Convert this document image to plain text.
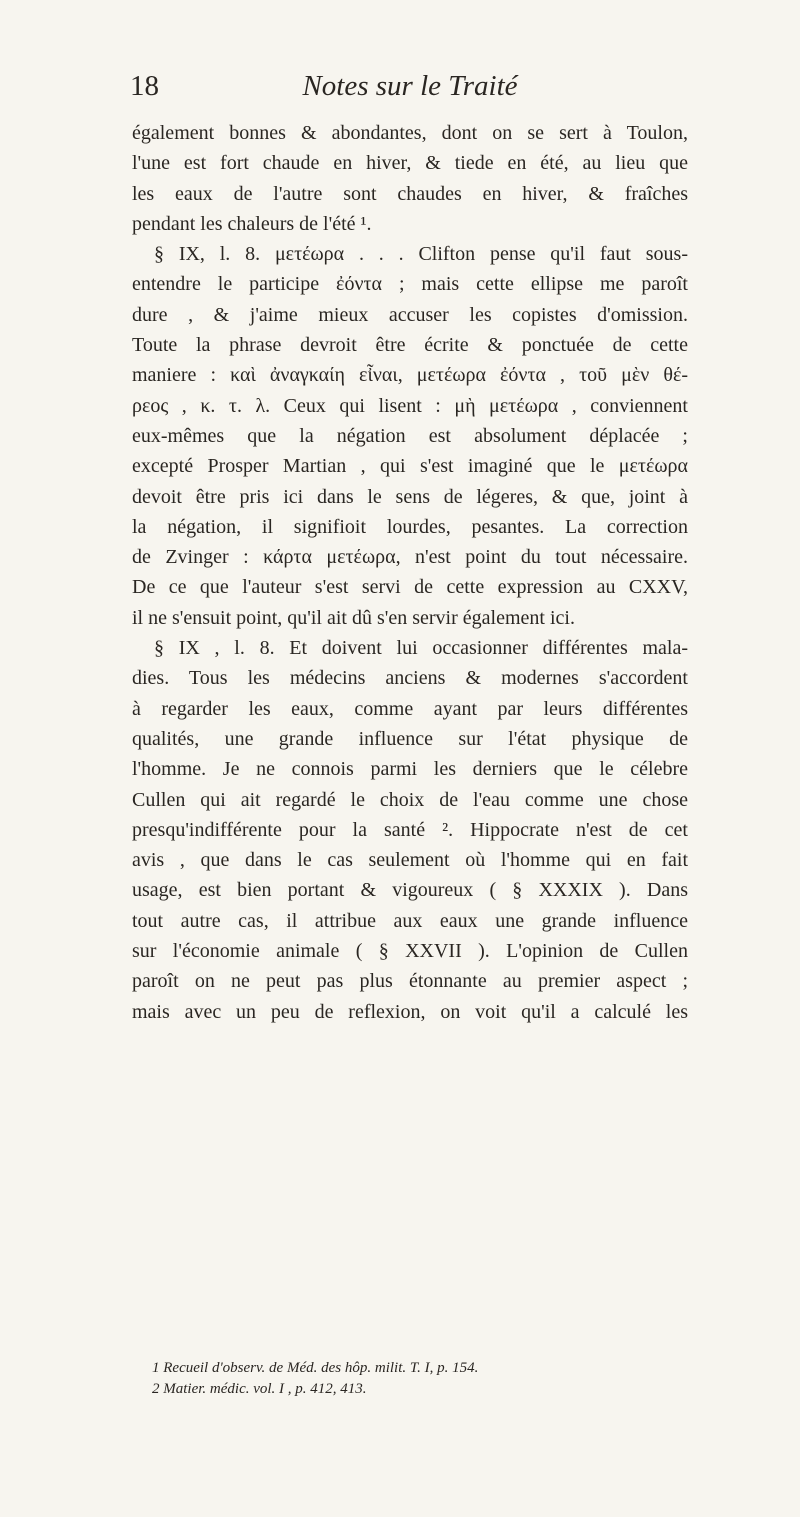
18	Notes sur le Traité
également bonnes & abondantes, dont on se sert à Toulon,
l'une est fort chaude en hiver, & tiede en été, au lieu que
les eaux de l'autre sont chaudes en hiver, & fraîches
pendant les chaleurs de l'été ¹.
§ IX, l. 8. μετέωρα . . . Clifton pense qu'il faut sous-
entendre le participe ἐόντα ; mais cette ellipse me paroît
dure , & j'aime mieux accuser les copistes d'omission.
Toute la phrase devroit être écrite & ponctuée de cette
maniere : καὶ ἀναγκαίη εἶναι, μετέωρα ἐόντα , τοῦ μὲν θέ-
ρεος , κ. τ. λ. Ceux qui lisent : μὴ μετέωρα , conviennent
eux-mêmes que la négation est absolument déplacée ;
excepté Prosper Martian , qui s'est imaginé que le μετέωρα
devoit être pris ici dans le sens de légeres, & que, joint à
la négation, il signifioit lourdes, pesantes. La correction
de Zvinger : κάρτα μετέωρα, n'est point du tout nécessaire.
De ce que l'auteur s'est servi de cette expression au CXXV,
il ne s'ensuit point, qu'il ait dû s'en servir également ici.
§ IX , l. 8. Et doivent lui occasionner différentes mala-
dies. Tous les médecins anciens & modernes s'accordent
à regarder les eaux, comme ayant par leurs différentes
qualités, une grande influence sur l'état physique de
l'homme. Je ne connois parmi les derniers que le célebre
Cullen qui ait regardé le choix de l'eau comme une chose
presqu'indifférente pour la santé ². Hippocrate n'est de cet
avis , que dans le cas seulement où l'homme qui en fait
usage, est bien portant & vigoureux ( § XXXIX ). Dans
tout autre cas, il attribue aux eaux une grande influence
sur l'économie animale ( § XXVII ). L'opinion de Cullen
paroît on ne peut pas plus étonnante au premier aspect ;
mais avec un peu de reflexion, on voit qu'il a calculé les
1 Recueil d'observ. de Méd. des hôp. milit. T. I, p. 154.
2 Matier. médic. vol. I , p. 412, 413.
